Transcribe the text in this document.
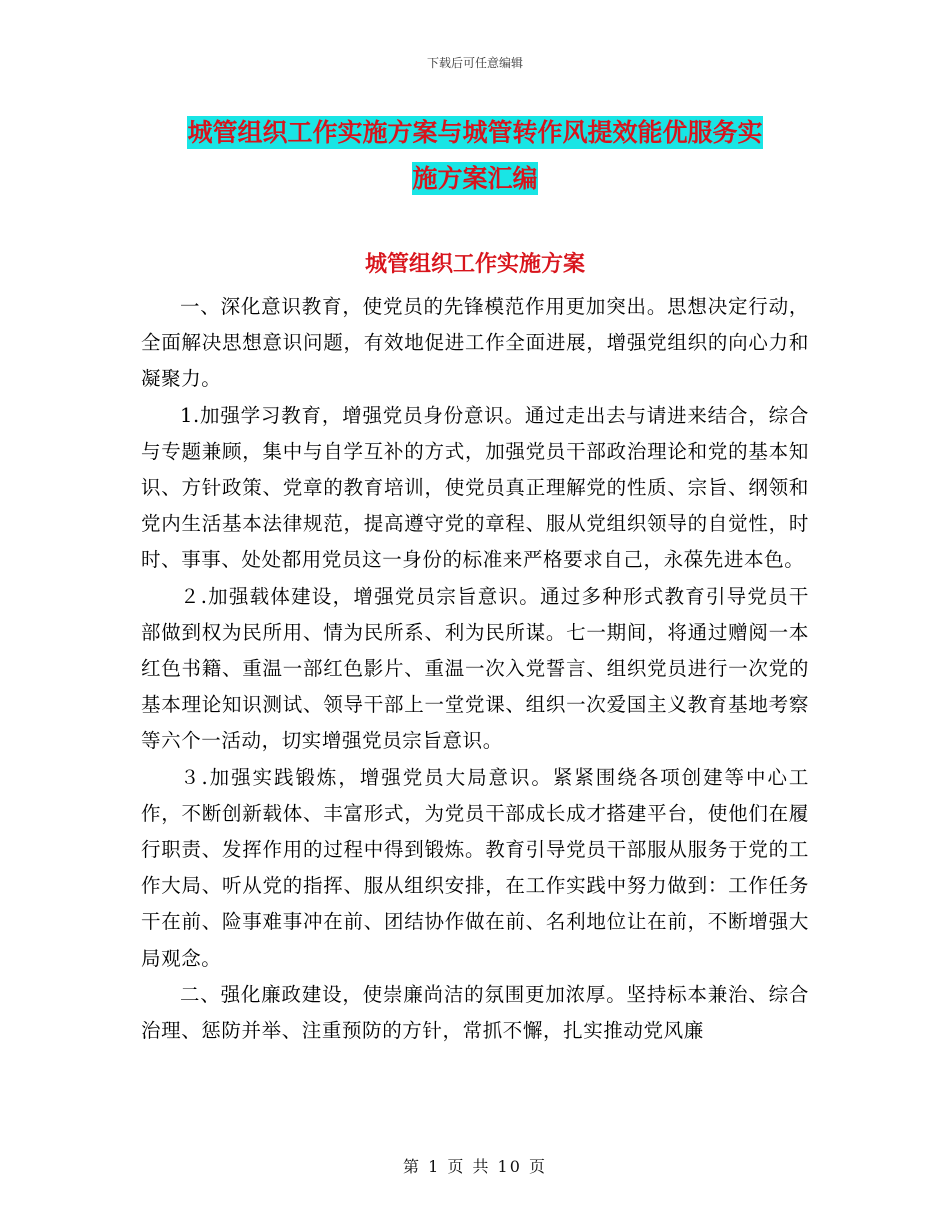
下载后可任意编辑
城管组织工作实施方案与城管转作风提效能优服务实
施方案汇编
城管组织工作实施方案

一、深化意识教育，使党员的先锋模范作用更加突出。思想决定行动，全面解决思想意识问题，有效地促进工作全面进展，增强党组织的向心力和凝聚力。

1.加强学习教育，增强党员身份意识。通过走出去与请进来结合，综合与专题兼顾，集中与自学互补的方式，加强党员干部政治理论和党的基本知识、方针政策、党章的教育培训，使党员真正理解党的性质、宗旨、纲领和党内生活基本法律规范，提高遵守党的章程、服从党组织领导的自觉性，时时、事事、处处都用党员这一身份的标准来严格要求自己，永葆先进本色。

２.加强载体建设，增强党员宗旨意识。通过多种形式教育引导党员干部做到权为民所用、情为民所系、利为民所谋。七一期间，将通过赠阅一本红色书籍、重温一部红色影片、重温一次入党誓言、组织党员进行一次党的基本理论知识测试、领导干部上一堂党课、组织一次爱国主义教育基地考察等六个一活动，切实增强党员宗旨意识。

３.加强实践锻炼，增强党员大局意识。紧紧围绕各项创建等中心工作，不断创新载体、丰富形式，为党员干部成长成才搭建平台，使他们在履行职责、发挥作用的过程中得到锻炼。教育引导党员干部服从服务于党的工作大局、听从党的指挥、服从组织安排，在工作实践中努力做到：工作任务干在前、险事难事冲在前、团结协作做在前、名利地位让在前，不断增强大局观念。

二、强化廉政建设，使崇廉尚洁的氛围更加浓厚。坚持标本兼治、综合治理、惩防并举、注重预防的方针，常抓不懈，扎实推动党风廉

第 1 页 共 10 页
